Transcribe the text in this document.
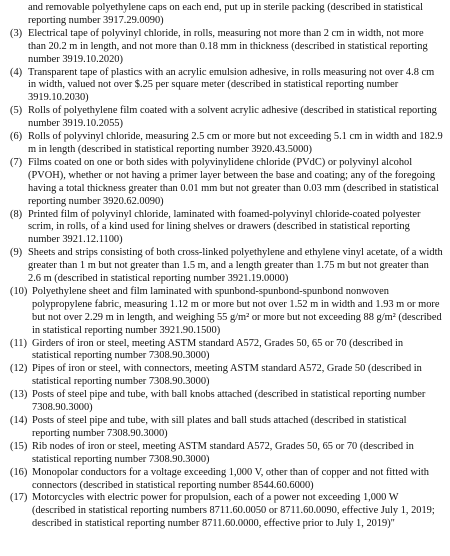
and removable polyethylene caps on each end, put up in sterile packing (described in statistical reporting number 3917.29.0090)
(3) Electrical tape of polyvinyl chloride, in rolls, measuring not more than 2 cm in width, not more than 20.2 m in length, and not more than 0.18 mm in thickness (described in statistical reporting number 3919.10.2020)
(4) Transparent tape of plastics with an acrylic emulsion adhesive, in rolls measuring not over 4.8 cm in width, valued not over $.25 per square meter (described in statistical reporting number 3919.10.2030)
(5) Rolls of polyethylene film coated with a solvent acrylic adhesive (described in statistical reporting number 3919.10.2055)
(6) Rolls of polyvinyl chloride, measuring 2.5 cm or more but not exceeding 5.1 cm in width and 182.9 m in length (described in statistical reporting number 3920.43.5000)
(7) Films coated on one or both sides with polyvinylidene chloride (PVdC) or polyvinyl alcohol (PVOH), whether or not having a primer layer between the base and coating; any of the foregoing having a total thickness greater than 0.01 mm but not greater than 0.03 mm (described in statistical reporting number 3920.62.0090)
(8) Printed film of polyvinyl chloride, laminated with foamed-polyvinyl chloride-coated polyester scrim, in rolls, of a kind used for lining shelves or drawers (described in statistical reporting number 3921.12.1100)
(9) Sheets and strips consisting of both cross-linked polyethylene and ethylene vinyl acetate, of a width greater than 1 m but not greater than 1.5 m, and a length greater than 1.75 m but not greater than 2.6 m (described in statistical reporting number 3921.19.0000)
(10) Polyethylene sheet and film laminated with spunbond-spunbond-spunbond nonwoven polypropylene fabric, measuring 1.12 m or more but not over 1.52 m in width and 1.93 m or more but not over 2.29 m in length, and weighing 55 g/m² or more but not exceeding 88 g/m² (described in statistical reporting number 3921.90.1500)
(11) Girders of iron or steel, meeting ASTM standard A572, Grades 50, 65 or 70 (described in statistical reporting number 7308.90.3000)
(12) Pipes of iron or steel, with connectors, meeting ASTM standard A572, Grade 50 (described in statistical reporting number 7308.90.3000)
(13) Posts of steel pipe and tube, with ball knobs attached (described in statistical reporting number 7308.90.3000)
(14) Posts of steel pipe and tube, with sill plates and ball studs attached (described in statistical reporting number 7308.90.3000)
(15) Rib nodes of iron or steel, meeting ASTM standard A572, Grades 50, 65 or 70 (described in statistical reporting number 7308.90.3000)
(16) Monopolar conductors for a voltage exceeding 1,000 V, other than of copper and not fitted with connectors (described in statistical reporting number 8544.60.6000)
(17) Motorcycles with electric power for propulsion, each of a power not exceeding 1,000 W (described in statistical reporting numbers 8711.60.0050 or 8711.60.0090, effective July 1, 2019; described in statistical reporting number 8711.60.0000, effective prior to July 1, 2019)"
